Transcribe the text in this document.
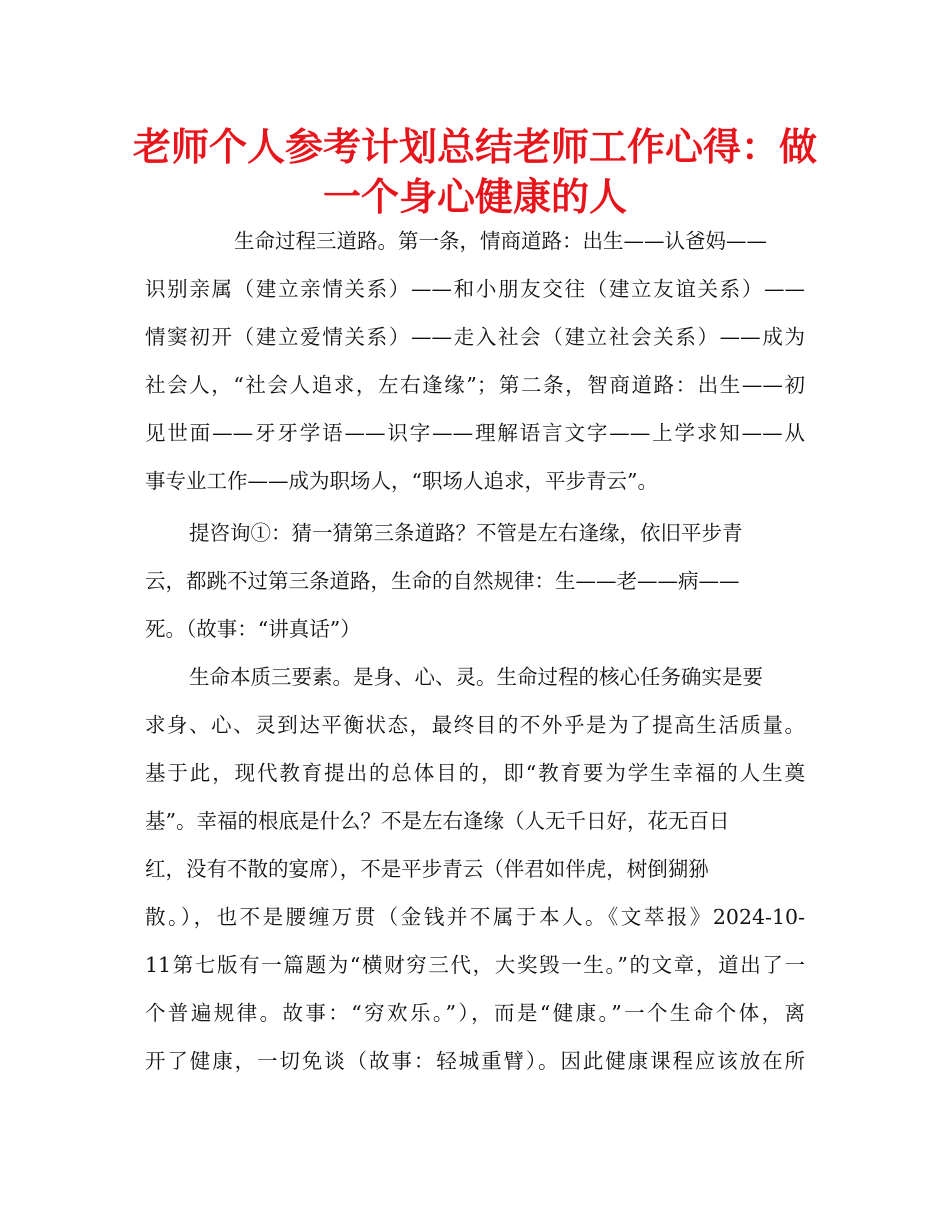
老师个人参考计划总结老师工作心得：做一个身心健康的人
生命过程三道路。第一条，情商道路：出生——认爸妈——
识别亲属（建立亲情关系）——和小朋友交往（建立友谊关系）——
情窦初开（建立爱情关系）——走入社会（建立社会关系）——成为
社会人，“社会人追求，左右逢缘”；第二条，智商道路：出生——初
见世面——牙牙学语——识字——理解语言文字——上学求知——从
事专业工作——成为职场人，“职场人追求，平步青云”。
提咨询①：猜一猜第三条道路？不管是左右逢缘，依旧平步青
云，都跳不过第三条道路，生命的自然规律：生——老——病——
死。（故事：“讲真话”）
生命本质三要素。是身、心、灵。生命过程的核心任务确实是要
求身、心、灵到达平衡状态，最终目的不外乎是为了提高生活质量。
基于此，现代教育提出的总体目的，即“教育要为学生幸福的人生奠
基”。幸福的根底是什么？不是左右逢缘（人无千日好，花无百日
红，没有不散的宴席），不是平步青云（伴君如伴虎，树倒猢狲
散。），也不是腰缠万贯（金钱并不属于本人。《文萃报》2024-10-
11第七版有一篇题为“横财穷三代，大奖毁一生。”的文章，道出了一
个普遍规律。故事：“穷欢乐。”），而是“健康。”一个生命个体，离
开了健康，一切免谈（故事：轻城重臂）。因此健康课程应该放在所
